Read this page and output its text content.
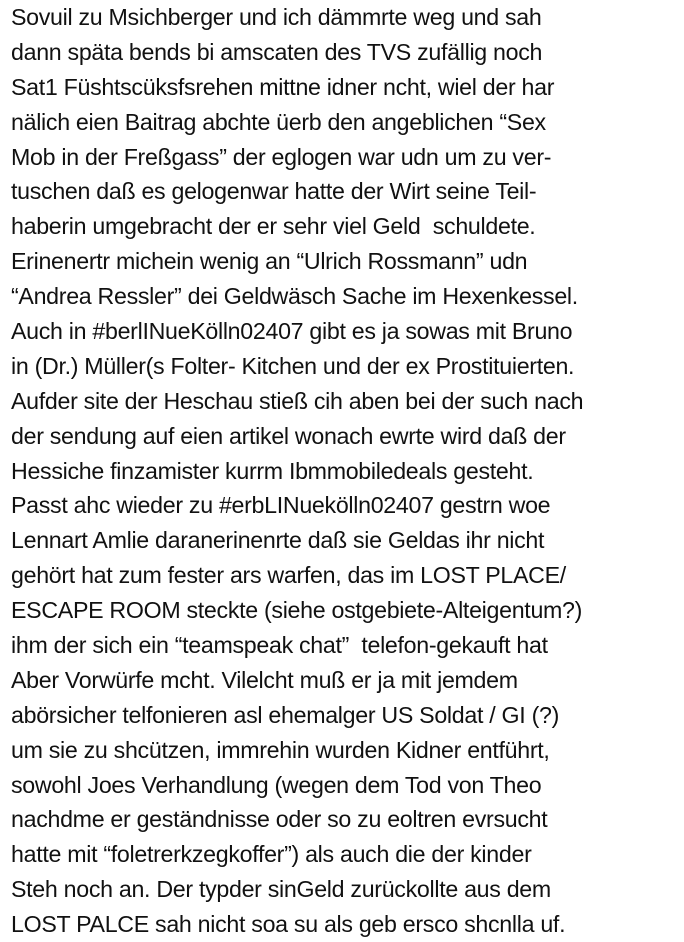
Sovuil zu Msichberger und ich dämmrte weg und sah
dann späta bends bi amscaten des TVS zufällig noch
Sat1 Füshtscüksfsrehen mittne idner ncht, wiel der har
nälich eien Baitrag abchte üerb den angeblichen “Sex
Mob in der Freßgass” der eglogen war udn um zu ver-
tuschen daß es gelogenwar hatte der Wirt seine Teil-
haberin umgebracht der er sehr viel Geld  schuldete.
Erinenertr michein wenig an “Ulrich Rossmann” udn
“Andrea Ressler” dei Geldwäsch Sache im Hexenkessel.
Auch in #berlINueKölln02407 gibt es ja sowas mit Bruno
in (Dr.) Müller(s Folter- Kitchen und der ex Prostituierten.
Aufder site der Heschau stieß cih aben bei der such nach
der sendung auf eien artikel wonach ewrte wird daß der
Hessiche finzamister kurrm Ibmmobiledeals gesteht.
Passt ahc wieder zu #erbLINuekölln02407 gestrn woe
Lennart Amlie daranerinenrte daß sie Geldas ihr nicht
gehört hat zum fester ars warfen, das im LOST PLACE/
ESCAPE ROOM steckte (siehe ostgebiete-Alteigentum?)
ihm der sich ein “teamspeak chat”  telefon-gekauft hat
Aber Vorwürfe mcht. Vilelcht muß er ja mit jemdem
abörsicher telfonieren asl ehemalger US Soldat / GI (?)
um sie zu shcützen, immrehin wurden Kidner entführt,
sowohl Joes Verhandlung (wegen dem Tod von Theo
nachdme er geständnisse oder so zu eoltren evrsucht
hatte mit “foletrerkzegkoffer”) als auch die der kinder
Steh noch an. Der typder sinGeld zurückollte aus dem
LOST PALCE sah nicht soa su als geb ersco shcnlla uf.
